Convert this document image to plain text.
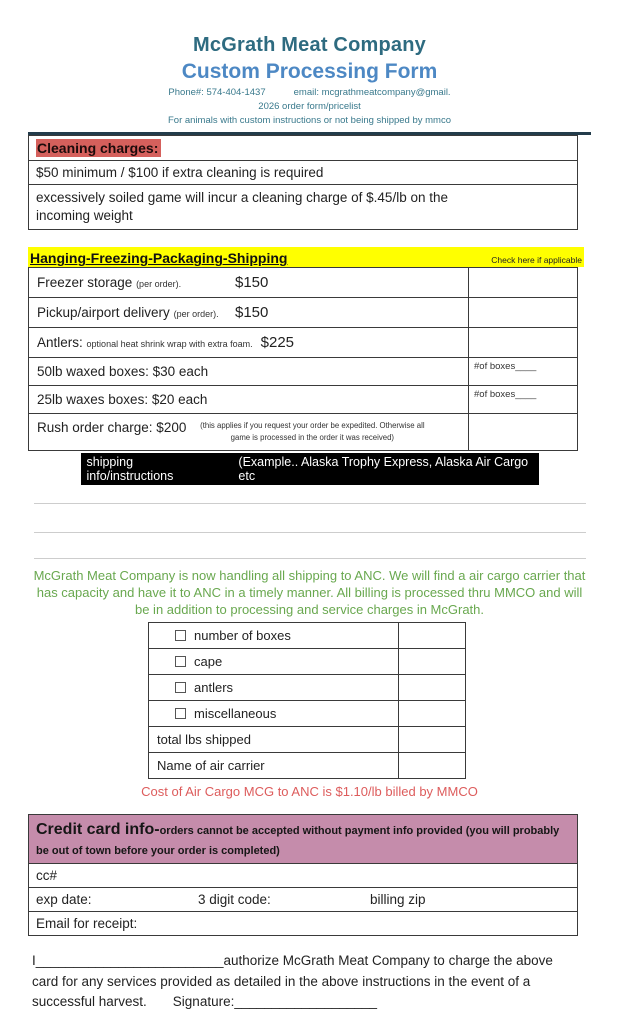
McGrath Meat Company
Custom Processing Form
Phone#: 574-404-1437	email: mcgrathmeatcompany@gmail.
2026 order form/pricelist
For animals with custom instructions or not being shipped by mmco
Cleaning charges:
$50 minimum / $100 if extra cleaning is required
excessively soiled game will incur a cleaning charge of $.45/lb on the incoming weight
Hanging-Freezing-Packaging-Shipping	Check here if applicable
Freezer storage (per order).	$150
Pickup/airport delivery (per order). $150
Antlers: optional heat shrink wrap with extra foam. $225
50lb waxed boxes: $30 each	#of boxes____
25lb waxes boxes: $20 each	#of boxes____
Rush order charge: $200 (this applies if you request your order be expedited. Otherwise all game is processed in the order it was received)
shipping info/instructions
(Example.. Alaska Trophy Express, Alaska Air Cargo etc
McGrath Meat Company is now handling all shipping to ANC. We will find a air cargo carrier that has capacity and have it to ANC in a timely manner. All billing is processed thru MMCO and will be in addition to processing and service charges in McGrath.
number of boxes
cape
antlers
miscellaneous
total lbs shipped
Name of air carrier
Cost of Air Cargo MCG to ANC is $1.10/lb billed by MMCO
Credit card info-orders cannot be accepted without payment info provided (you will probably be out of town before your order is completed)
cc#
exp date:	3 digit code:	billing zip
Email for receipt:

I_________________________authorize McGrath Meat Company to charge the above card for any services provided as detailed in the above instructions in the event of a successful harvest. Signature:___________________
